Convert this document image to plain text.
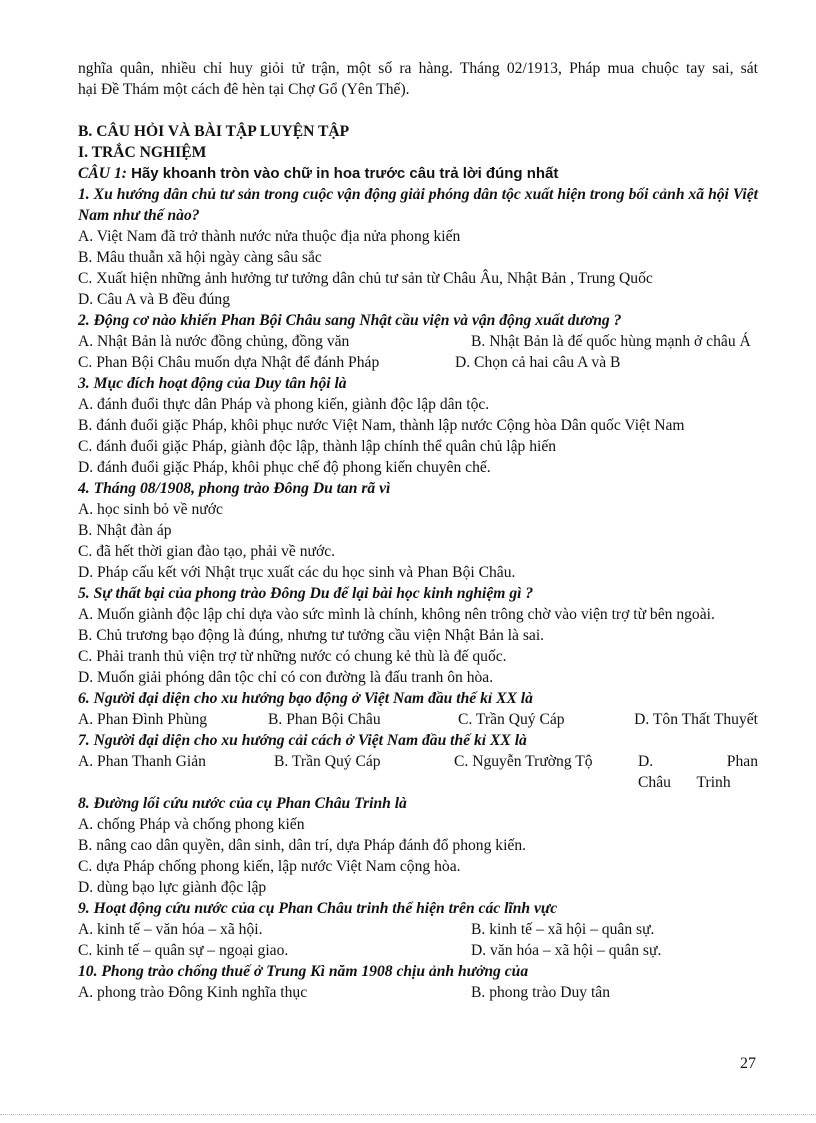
nghĩa quân, nhiều chỉ huy giỏi tử trận, một số ra hàng. Tháng 02/1913, Pháp mua chuộc tay sai, sát
hại Đề Thám một cách đê hèn tại Chợ Gổ (Yên Thế).
B. CÂU HỎI VÀ BÀI TẬP LUYỆN TẬP
I. TRẮC NGHIỆM
CÂU 1: Hãy khoanh tròn vào chữ in hoa trước câu trả lời đúng nhất
1. Xu hướng dân chủ tư sản trong cuộc vận động giải phóng dân tộc xuất hiện trong bối cảnh xã hội Việt Nam như thế nào?
A. Việt Nam đã trở thành nước nửa thuộc địa nửa phong kiến
B. Mâu thuẫn xã hội ngày càng sâu sắc
C. Xuất hiện những ảnh hưởng tư tưởng dân chủ tư sản từ Châu Âu, Nhật Bản , Trung Quốc
D. Câu A và B đều đúng
2. Động cơ nào khiến Phan Bội Châu sang Nhật cầu viện và vận động xuất dương ?
A. Nhật Bản là nước đồng chủng, đồng văn	B. Nhật Bản là đế quốc hùng mạnh ở châu Á
C. Phan Bội Châu muốn dựa Nhật để đánh Pháp	D. Chọn cả hai câu A và B
3. Mục đích hoạt động của Duy tân hội là
A. đánh đuổi thực dân Pháp và phong kiến, giành độc lập dân tộc.
B. đánh đuổi giặc Pháp, khôi phục nước Việt Nam, thành lập nước Cộng hòa Dân quốc Việt Nam
C. đánh đuổi giặc Pháp, giành độc lập, thành lập chính thể quân chủ lập hiến
D. đánh đuổi giặc Pháp, khôi phục chế độ phong kiến chuyên chế.
4. Tháng 08/1908, phong trào Đông Du tan rã vì
A. học sinh bỏ về nước
B. Nhật đàn áp
C. đã hết thời gian đào tạo, phải về nước.
D. Pháp cấu kết với Nhật trục xuất các du học sinh và Phan Bội Châu.
5. Sự thất bại của phong trào Đông Du để lại bài học kinh nghiệm gì ?
A. Muốn giành độc lập chỉ dựa vào sức mình là chính, không nên trông chờ vào viện trợ từ bên ngoài.
B. Chủ trương bạo động là đúng, nhưng tư tưởng cầu viện Nhật Bản là sai.
C. Phải tranh thủ viện trợ từ những nước có chung kẻ thù là đế quốc.
D. Muốn giải phóng dân tộc chỉ có con đường là đấu tranh ôn hòa.
6. Người đại diện cho xu hướng bạo động ở Việt Nam đầu thế kỉ XX là
A. Phan Đình Phùng	B. Phan Bội Châu	C. Trần Quý Cáp	D. Tôn Thất Thuyết
7. Người đại diện cho xu hướng cải cách ở Việt Nam đầu thế kỉ XX là
A. Phan Thanh Giản	B. Trần Quý Cáp	C. Nguyễn Trường Tộ	D. Phan Châu Trinh
8. Đường lối cứu nước của cụ Phan Châu Trinh là
A. chống Pháp và chống phong kiến
B. nâng cao dân quyền, dân sinh, dân trí, dựa Pháp đánh đổ phong kiến.
C. dựa Pháp chống phong kiến, lập nước Việt Nam cộng hòa.
D. dùng bạo lực giành độc lập
9. Hoạt động cứu nước của cụ Phan Châu trinh thể hiện trên các lĩnh vực
A. kinh tế – văn hóa – xã hội.	B. kinh tế – xã hội – quân sự.
C. kinh tế – quân sự – ngoại giao.	D. văn hóa – xã hội – quân sự.
10. Phong trào chống thuế ở Trung Kì năm 1908 chịu ảnh hưởng của
A. phong trào Đông Kinh nghĩa thục	B. phong trào Duy tân
27
